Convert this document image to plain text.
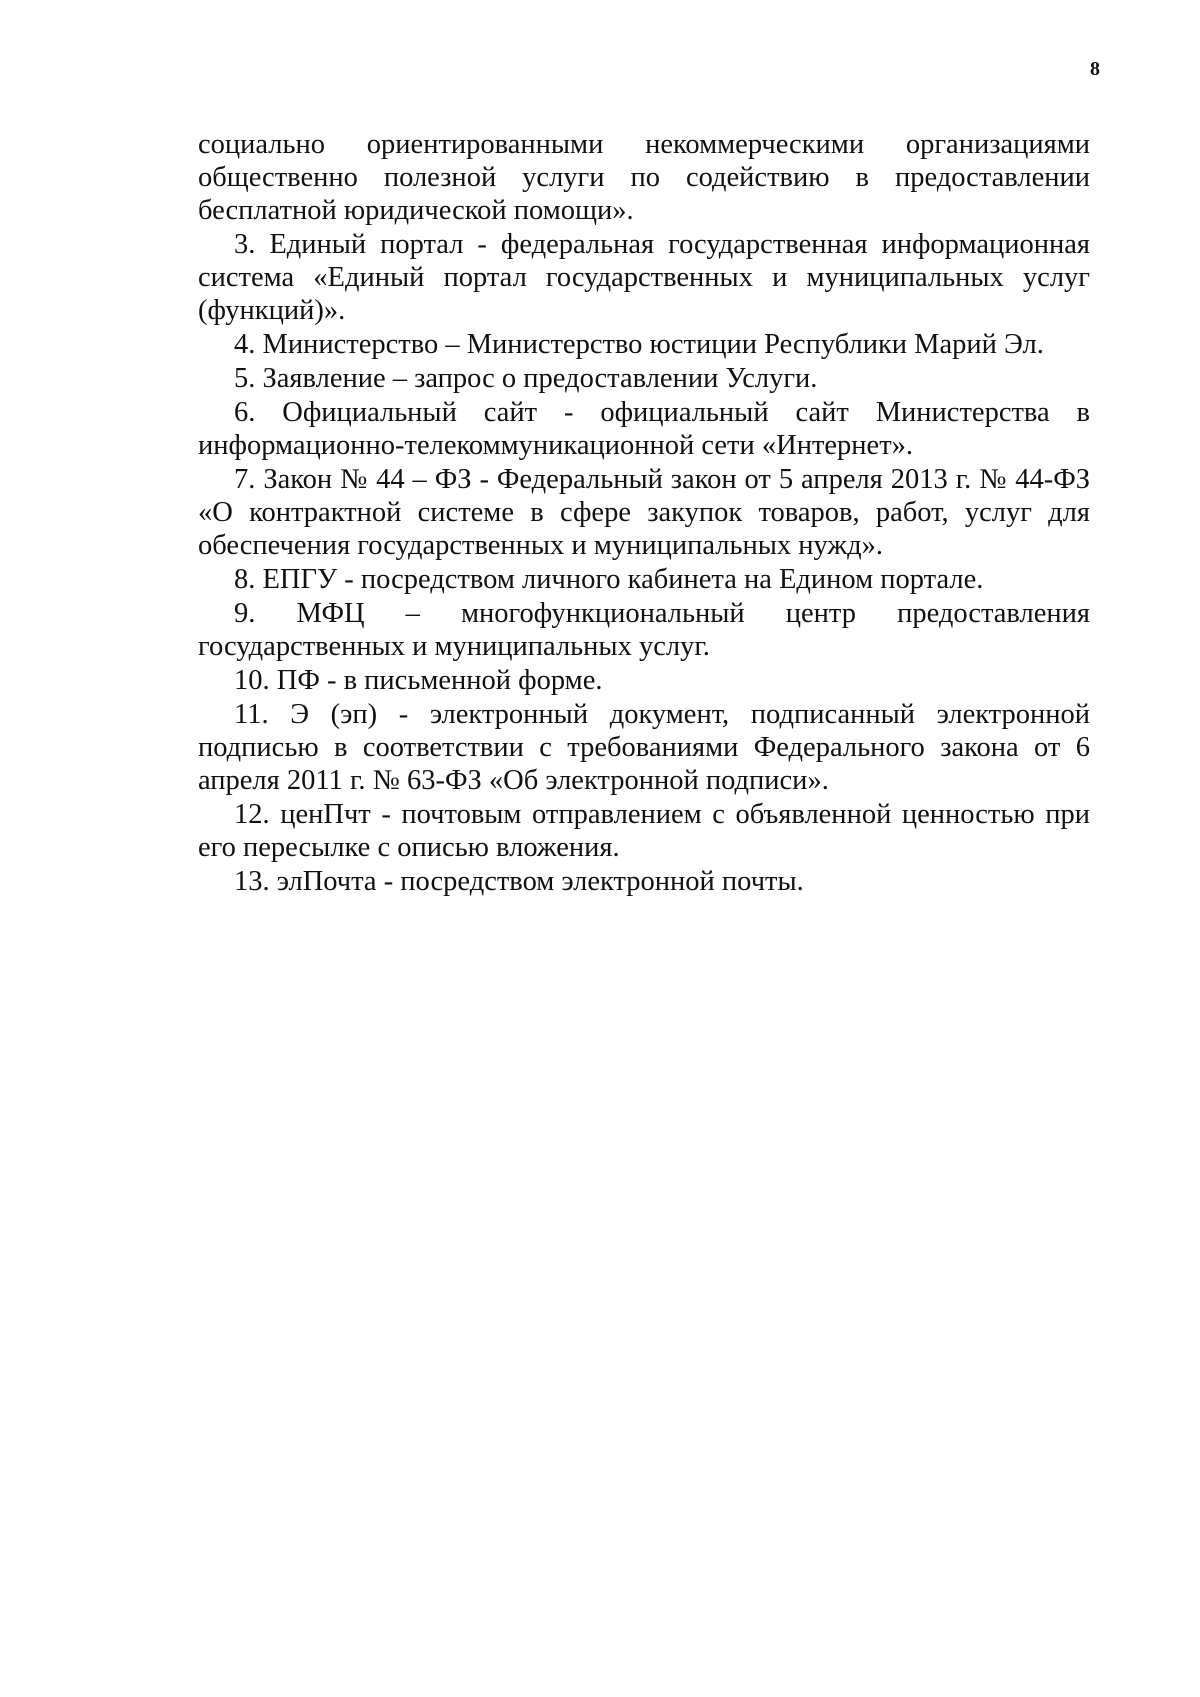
8

социально ориентированными некоммерческими организациями общественно полезной услуги по содействию в предоставлении бесплатной юридической помощи».

3. Единый портал - федеральная государственная информационная система «Единый портал государственных и муниципальных услуг (функций)».

4. Министерство – Министерство юстиции Республики Марий Эл.

5. Заявление – запрос о предоставлении Услуги.

6. Официальный сайт - официальный сайт Министерства в информационно-телекоммуникационной сети «Интернет».

7. Закон № 44 – ФЗ - Федеральный закон от 5 апреля 2013 г. № 44-ФЗ «О контрактной системе в сфере закупок товаров, работ, услуг для обеспечения государственных и муниципальных нужд».

8. ЕПГУ - посредством личного кабинета на Едином портале.

9. МФЦ – многофункциональный центр предоставления государственных и муниципальных услуг.

10. ПФ - в письменной форме.

11. Э (эп) - электронный документ, подписанный электронной подписью в соответствии с требованиями Федерального закона от 6 апреля 2011 г. № 63-ФЗ «Об электронной подписи».

12. ценПчт - почтовым отправлением с объявленной ценностью при его пересылке с описью вложения.

13. элПочта - посредством электронной почты.
